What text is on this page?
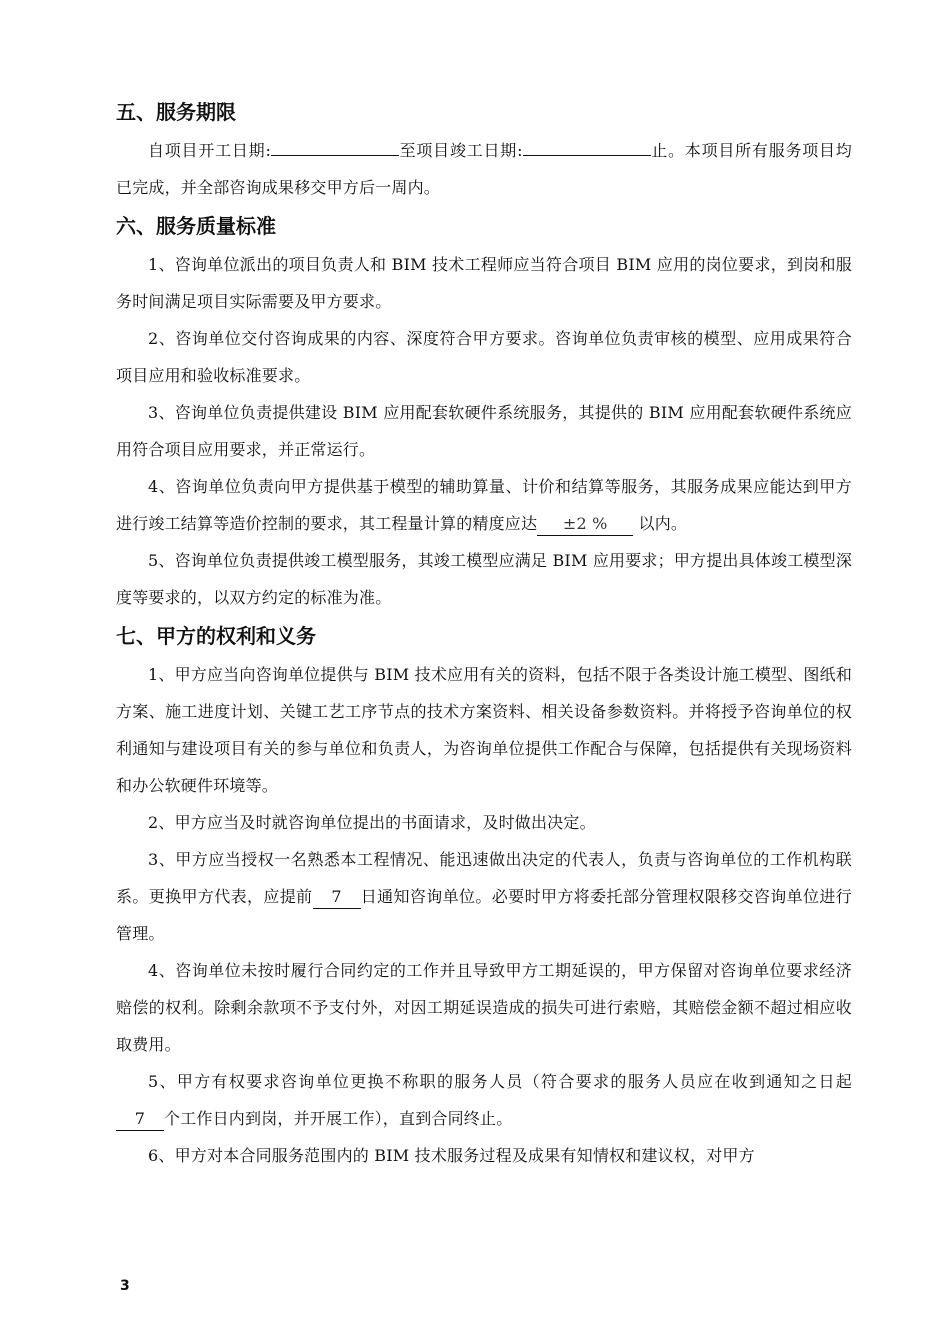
五、服务期限

自项目开工日期:	至项目竣工日期:	止。本项目所有服务项目均已完成，并全部咨询成果移交甲方后一周内。

六、服务质量标准

1、咨询单位派出的项目负责人和 BIM 技术工程师应当符合项目 BIM 应用的岗位要求，到岗和服务时间满足项目实际需要及甲方要求。

2、咨询单位交付咨询成果的内容、深度符合甲方要求。咨询单位负责审核的模型、应用成果符合项目应用和验收标准要求。

3、咨询单位负责提供建设 BIM 应用配套软硬件系统服务，其提供的 BIM 应用配套软硬件系统应用符合项目应用要求，并正常运行。

4、咨询单位负责向甲方提供基于模型的辅助算量、计价和结算等服务，其服务成果应能达到甲方进行竣工结算等造价控制的要求，其工程量计算的精度应达 ±2 % 以内。

5、咨询单位负责提供竣工模型服务，其竣工模型应满足 BIM 应用要求；甲方提出具体竣工模型深度等要求的，以双方约定的标准为准。

七、甲方的权利和义务

1、甲方应当向咨询单位提供与 BIM 技术应用有关的资料，包括不限于各类设计施工模型、图纸和方案、施工进度计划、关键工艺工序节点的技术方案资料、相关设备参数资料。并将授予咨询单位的权利通知与建设项目有关的参与单位和负责人，为咨询单位提供工作配合与保障，包括提供有关现场资料和办公软硬件环境等。

2、甲方应当及时就咨询单位提出的书面请求，及时做出决定。

3、甲方应当授权一名熟悉本工程情况、能迅速做出决定的代表人，负责与咨询单位的工作机构联系。更换甲方代表，应提前 7 日通知咨询单位。必要时甲方将委托部分管理权限移交咨询单位进行管理。

4、咨询单位未按时履行合同约定的工作并且导致甲方工期延误的，甲方保留对咨询单位要求经济赔偿的权利。除剩余款项不予支付外，对因工期延误造成的损失可进行索赔，其赔偿金额不超过相应收取费用。

5、甲方有权要求咨询单位更换不称职的服务人员（符合要求的服务人员应在收到通知之日起7 个工作日内到岗，并开展工作），直到合同终止。

6、甲方对本合同服务范围内的 BIM 技术服务过程及成果有知情权和建议权，对甲方

3
